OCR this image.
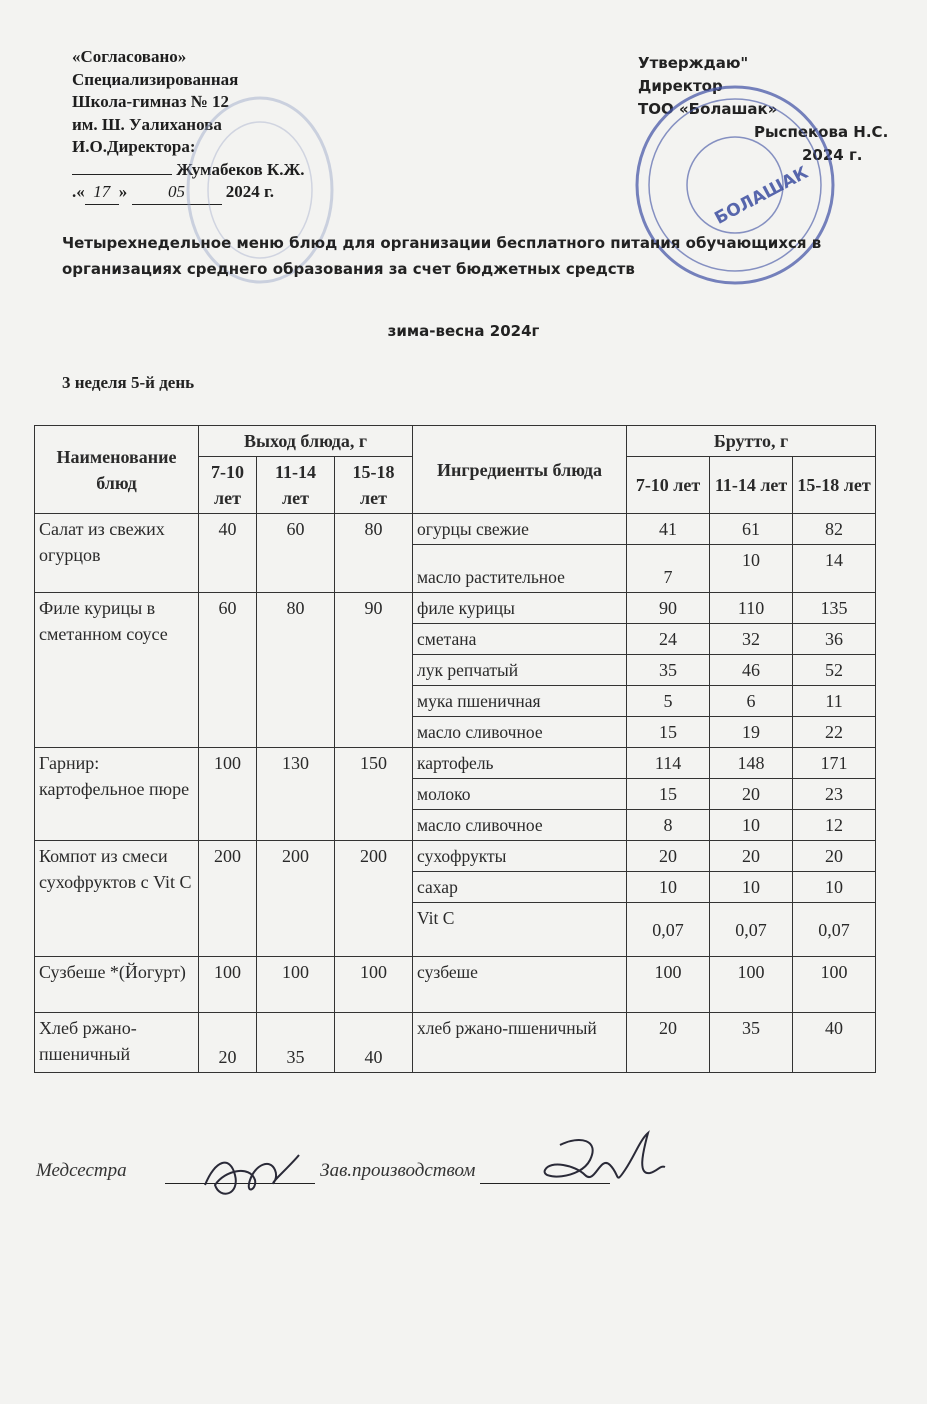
«Согласовано»
Специализированная
Школа-гимназ № 12
им. Ш. Уалиханова
И.О.Директора:
Жумабеков К.Ж.
.« 17 » 05 2024 г.
Утверждаю"
Директор
ТОО «Болашак»
Рыспекова Н.С.
2024 г.
БОЛАШАК
Четырехнедельное меню блюд для организации бесплатного питания обучающихся в организациях среднего образования за счет бюджетных средств
зима-весна 2024г
3 неделя 5-й день
Наименование блюд	Выход блюда, г			Ингредиенты блюда	Брутто, г		
	7-10 лет	11-14 лет	15-18 лет		7-10 лет	11-14 лет	15-18 лет
Салат из свежих огурцов	40	60	80	огурцы свежие	41	61	82
				масло растительное	7	10	14
Филе курицы в сметанном соусе	60	80	90	филе курицы	90	110	135
				сметана	24	32	36
				лук репчатый	35	46	52
				мука пшеничная	5	6	11
				масло сливочное	15	19	22
Гарнир: картофельное пюре	100	130	150	картофель	114	148	171
				молоко	15	20	23
				масло сливочное	8	10	12
Компот из смеси сухофруктов с Vit C	200	200	200	сухофрукты	20	20	20
				сахар	10	10	10
				Vit C	0,07	0,07	0,07
Сузбеше *(Йогурт)	100	100	100	сузбеше	100	100	100
Хлеб ржано-пшеничный	20	35	40	хлеб ржано-пшеничный	20	35	40
Медсестра	Зав.производством
